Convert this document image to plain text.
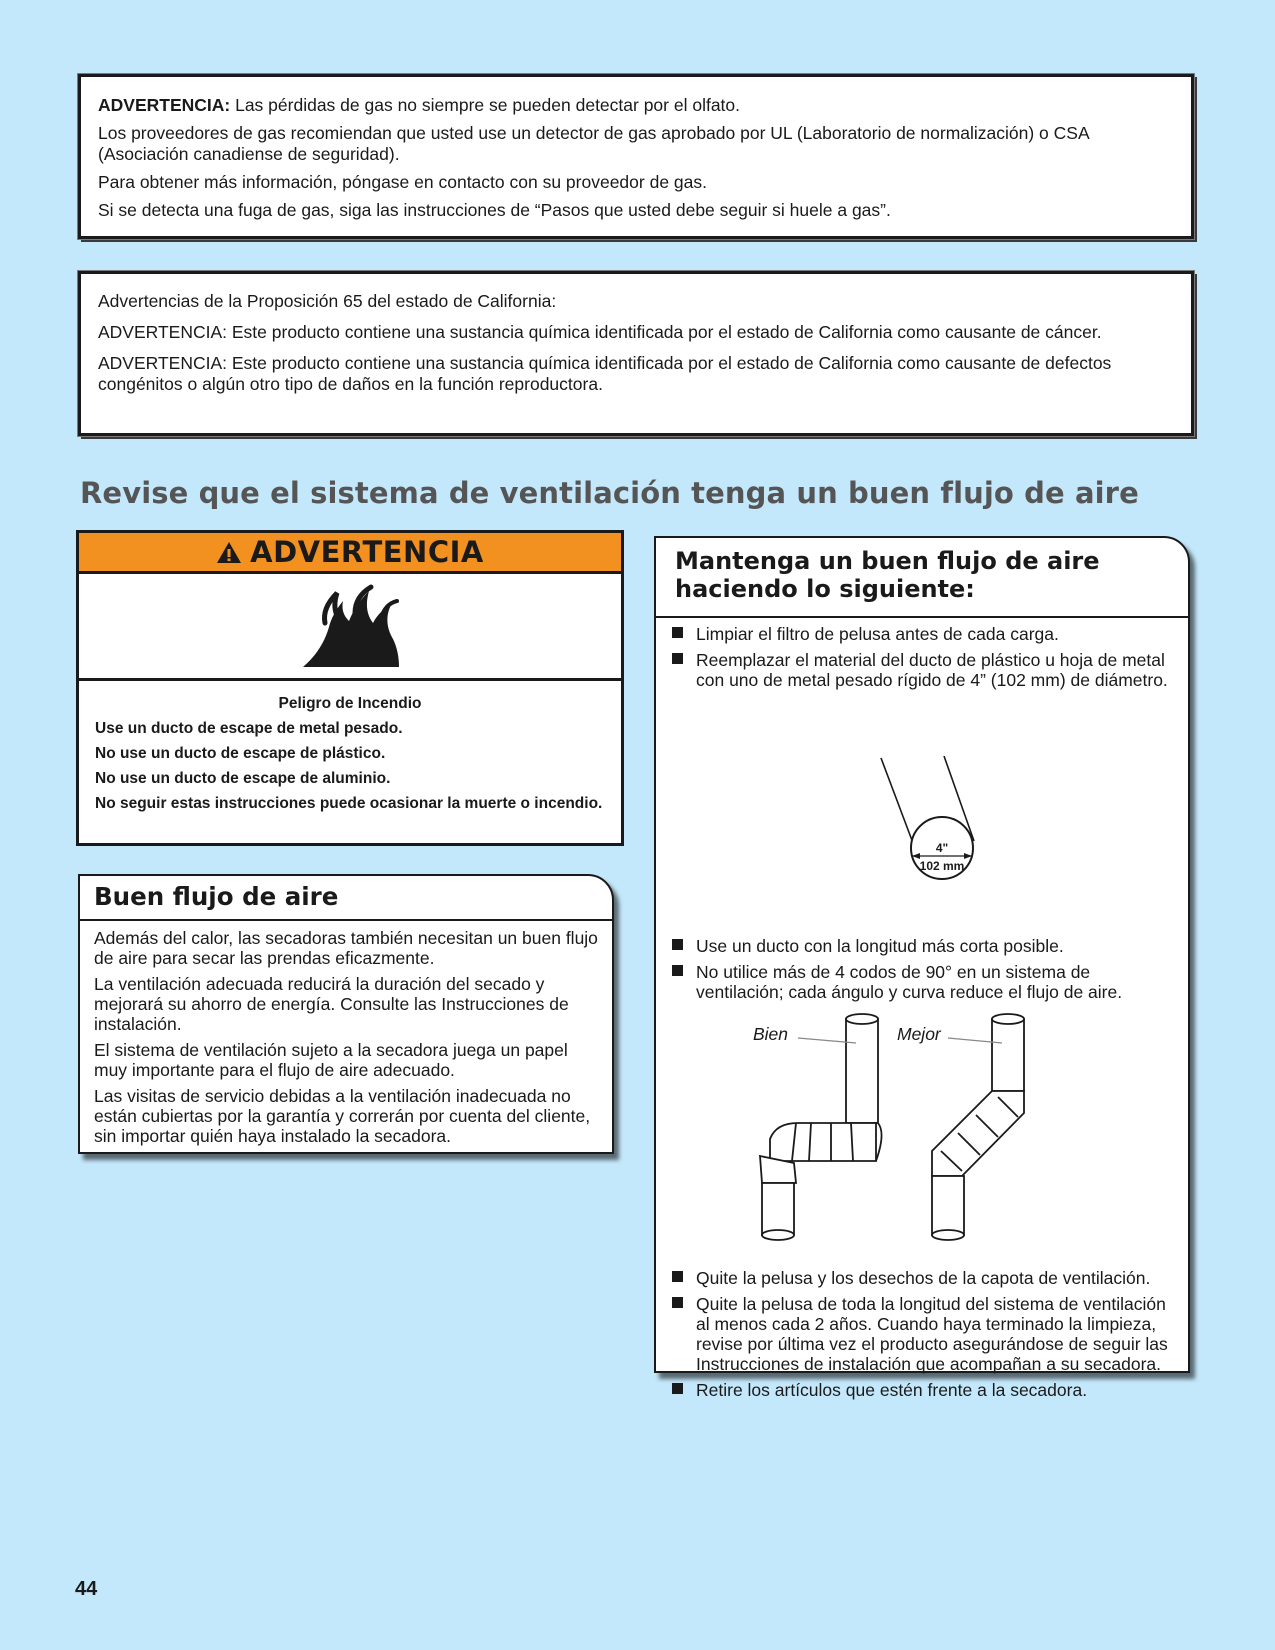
ADVERTENCIA: Las pérdidas de gas no siempre se pueden detectar por el olfato.

Los proveedores de gas recomiendan que usted use un detector de gas aprobado por UL (Laboratorio de normalización) o CSA (Asociación canadiense de seguridad).

Para obtener más información, póngase en contacto con su proveedor de gas.

Si se detecta una fuga de gas, siga las instrucciones de “Pasos que usted debe seguir si huele a gas”.

Advertencias de la Proposición 65 del estado de California:

ADVERTENCIA: Este producto contiene una sustancia química identificada por el estado de California como causante de cáncer.

ADVERTENCIA: Este producto contiene una sustancia química identificada por el estado de California como causante de defectos congénitos o algún otro tipo de daños en la función reproductora.

Revise que el sistema de ventilación tenga un buen flujo de aire
ADVERTENCIA

Peligro de Incendio

Use un ducto de escape de metal pesado.

No use un ducto de escape de plástico.

No use un ducto de escape de aluminio.

No seguir estas instrucciones puede ocasionar la muerte o incendio.

Buen flujo de aire

Además del calor, las secadoras también necesitan un buen flujo de aire para secar las prendas eficazmente.

La ventilación adecuada reducirá la duración del secado y mejorará su ahorro de energía. Consulte las Instrucciones de instalación.

El sistema de ventilación sujeto a la secadora juega un papel muy importante para el flujo de aire adecuado.

Las visitas de servicio debidas a la ventilación inadecuada no están cubiertas por la garantía y correrán por cuenta del cliente, sin importar quién haya instalado la secadora.

Mantenga un buen flujo de aire haciendo lo siguiente:
Limpiar el filtro de pelusa antes de cada carga.
Reemplazar el material del ducto de plástico u hoja de metal con uno de metal pesado rígido de 4” (102 mm) de diámetro.
4"
102 mm
Use un ducto con la longitud más corta posible.
No utilice más de 4 codos de 90° en un sistema de ventilación; cada ángulo y curva reduce el flujo de aire.
Bien	Mejor
Quite la pelusa y los desechos de la capota de ventilación.
Quite la pelusa de toda la longitud del sistema de ventilación al menos cada 2 años. Cuando haya terminado la limpieza, revise por última vez el producto asegurándose de seguir las Instrucciones de instalación que acompañan a su secadora.
Retire los artículos que estén frente a la secadora.
44
